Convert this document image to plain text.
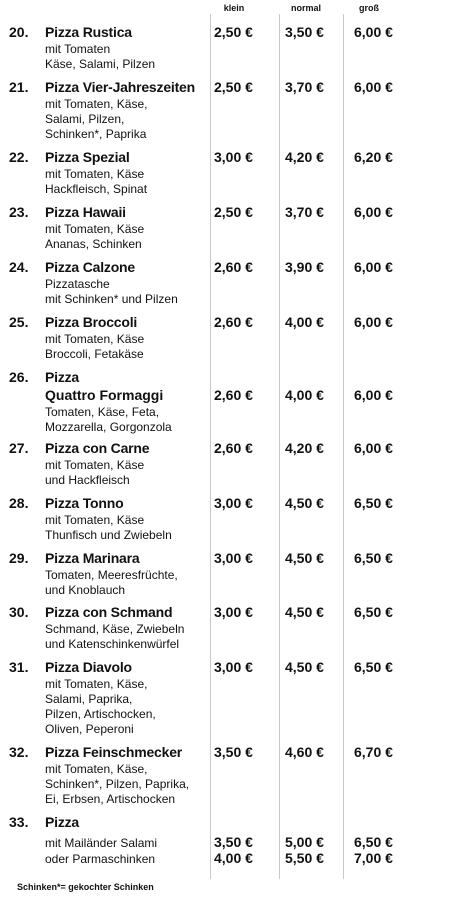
klein	normal	groß
20.	Pizza Rustica
mit Tomaten
Käse, Salami, Pilzen
2,50 € 3,50 € 6,00 €
21.	Pizza Vier-Jahreszeiten
mit Tomaten, Käse,
Salami, Pilzen,
Schinken*, Paprika
2,50 € 3,70 € 6,00 €
22.	Pizza Spezial
mit Tomaten, Käse
Hackfleisch, Spinat
3,00 € 4,20 € 6,20 €
23.	Pizza Hawaii
mit Tomaten, Käse
Ananas, Schinken
2,50 € 3,70 € 6,00 €
24.	Pizza Calzone
Pizzatasche
mit Schinken* und Pilzen
2,60 € 3,90 € 6,00 €
25.	Pizza Broccoli
mit Tomaten, Käse
Broccoli, Fetakäse
2,60 € 4,00 € 6,00 €
26.	Pizza
Quattro Formaggi
Tomaten, Käse, Feta,
Mozzarella, Gorgonzola
2,60 € 4,00 € 6,00 €
27.	Pizza con Carne
mit Tomaten, Käse
und Hackfleisch
2,60 € 4,20 € 6,00 €
28.	Pizza Tonno
mit Tomaten, Käse
Thunfisch und Zwiebeln
3,00 € 4,50 € 6,50 €
29.	Pizza Marinara
Tomaten, Meeresfrüchte,
und Knoblauch
3,00 € 4,50 € 6,50 €
30.	Pizza con Schmand
Schmand, Käse, Zwiebeln
und Katenschinkenwürfel
3,00 € 4,50 € 6,50 €
31.	Pizza Diavolo
mit Tomaten, Käse,
Salami, Paprika,
Pilzen, Artischocken,
Oliven, Peperoni
3,00 € 4,50 € 6,50 €
32.	Pizza Feinschmecker
mit Tomaten, Käse,
Schinken*, Pilzen, Paprika,
Ei, Erbsen, Artischocken
3,50 € 4,60 € 6,70 €
33.	Pizza
mit Mailänder Salami
oder Parmaschinken
3,50 € 5,00 € 6,50 €
4,00 € 5,50 € 7,00 €
Schinken*= gekochter Schinken
